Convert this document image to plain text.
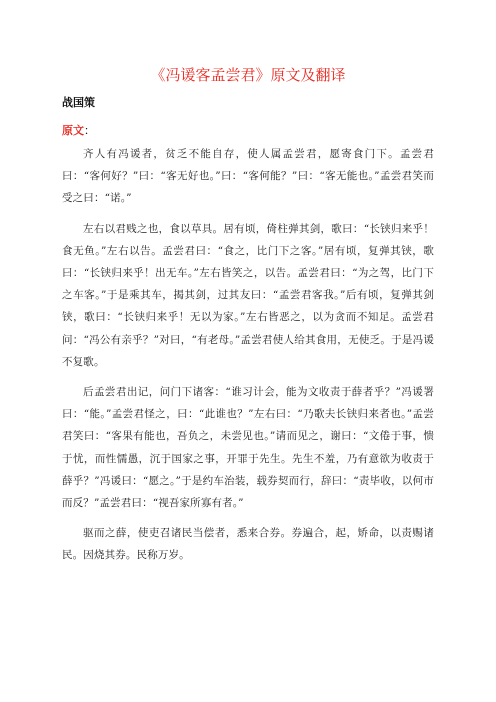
《冯谖客孟尝君》原文及翻译
战国策
原文：

齐人有冯谖者，贫乏不能自存，使人属孟尝君，愿寄食门下。孟尝君曰：“客何好？”曰：“客无好也。”曰：“客何能？”曰：“客无能也。”孟尝君笑而受之曰：“诺。”

左右以君贱之也，食以草具。居有顷，倚柱弹其剑，歌曰：“长铗归来乎！食无鱼。”左右以告。孟尝君曰：“食之，比门下之客。”居有顷，复弹其铗，歌曰：“长铗归来乎！出无车。”左右皆笑之，以告。孟尝君曰：“为之驾，比门下之车客。”于是乘其车，揭其剑，过其友曰：“孟尝君客我。”后有顷，复弹其剑铗，歌曰：“长铗归来乎！无以为家。”左右皆恶之，以为贪而不知足。孟尝君问：“冯公有亲乎？”对曰，“有老母。”孟尝君使人给其食用，无使乏。于是冯谖不复歌。

后孟尝君出记，问门下诸客：“谁习计会，能为文收责于薛者乎？”冯谖署曰：“能。”孟尝君怪之，曰：“此谁也？”左右曰：“乃歌夫长铗归来者也。”孟尝君笑曰：“客果有能也，吾负之，未尝见也。”请而见之，谢曰：“文倦于事，愦于忧，而性懦愚，沉于国家之事，开罪于先生。先生不羞，乃有意欲为收责于薛乎？”冯谖曰：“愿之。”于是约车治装，载券契而行，辞曰：“责毕收，以何市而反？”孟尝君曰：“视吾家所寡有者。”

驱而之薛，使吏召诸民当偿者，悉来合券。券遍合，起，矫命，以责赐诸民。因烧其券。民称万岁。
